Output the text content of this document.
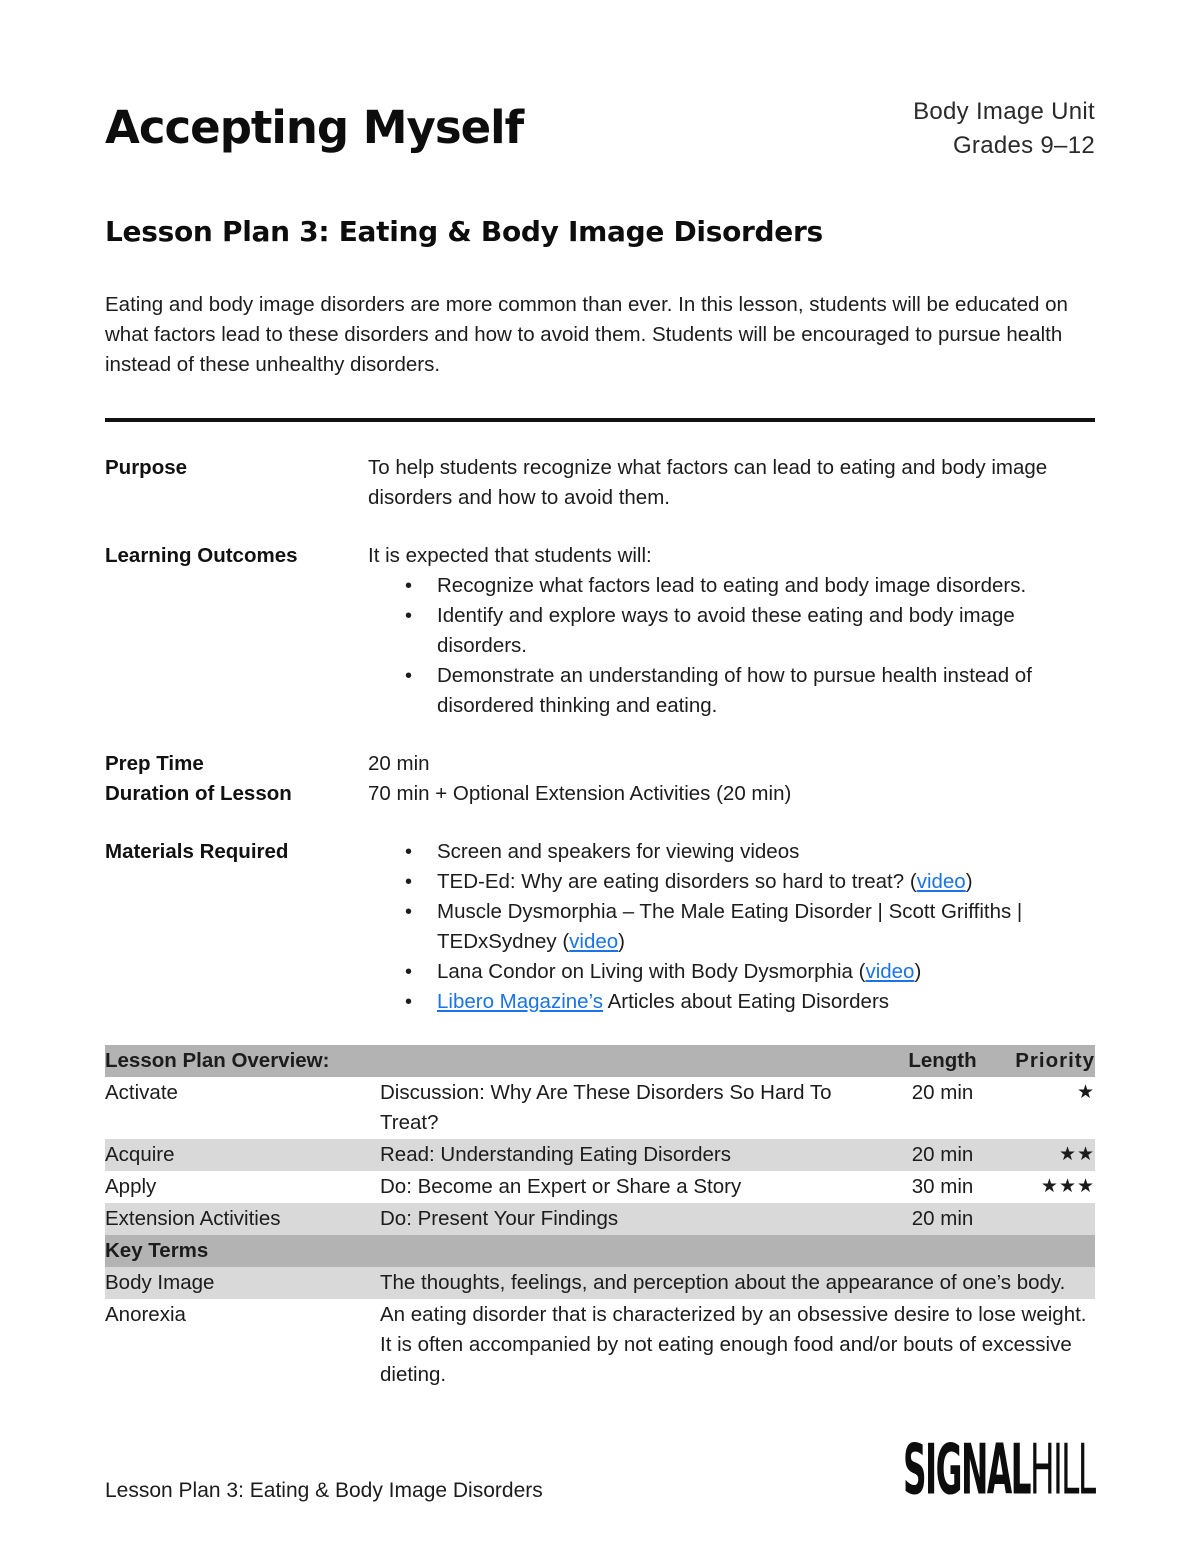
Accepting Myself	Body Image Unit
Grades 9–12
Lesson Plan 3: Eating & Body Image Disorders

Eating and body image disorders are more common than ever. In this lesson, students will be educated on what factors lead to these disorders and how to avoid them. Students will be encouraged to pursue health instead of these unhealthy disorders.

Purpose	To help students recognize what factors can lead to eating and body image disorders and how to avoid them.
Learning Outcomes	It is expected that students will:
• Recognize what factors lead to eating and body image disorders.
• Identify and explore ways to avoid these eating and body image disorders.
• Demonstrate an understanding of how to pursue health instead of disordered thinking and eating.
Prep Time	20 min
Duration of Lesson	70 min + Optional Extension Activities (20 min)
Materials Required	• Screen and speakers for viewing videos
• TED-Ed: Why are eating disorders so hard to treat? (video)
• Muscle Dysmorphia – The Male Eating Disorder | Scott Griffiths | TEDxSydney (video)
• Lana Condor on Living with Body Dysmorphia (video)
• Libero Magazine’s Articles about Eating Disorders
Lesson Plan Overview:		Length	Priority
Activate	Discussion: Why Are These Disorders So Hard To Treat?	20 min	★
Acquire	Read: Understanding Eating Disorders	20 min	★★
Apply	Do: Become an Expert or Share a Story	30 min	★★★
Extension Activities	Do: Present Your Findings	20 min	
Key Terms			
Body Image	The thoughts, feelings, and perception about the appearance of one’s body.		
Anorexia	An eating disorder that is characterized by an obsessive desire to lose weight. It is often accompanied by not eating enough food and/or bouts of excessive dieting.		
Lesson Plan 3: Eating & Body Image Disorders	SIGNALHILL
